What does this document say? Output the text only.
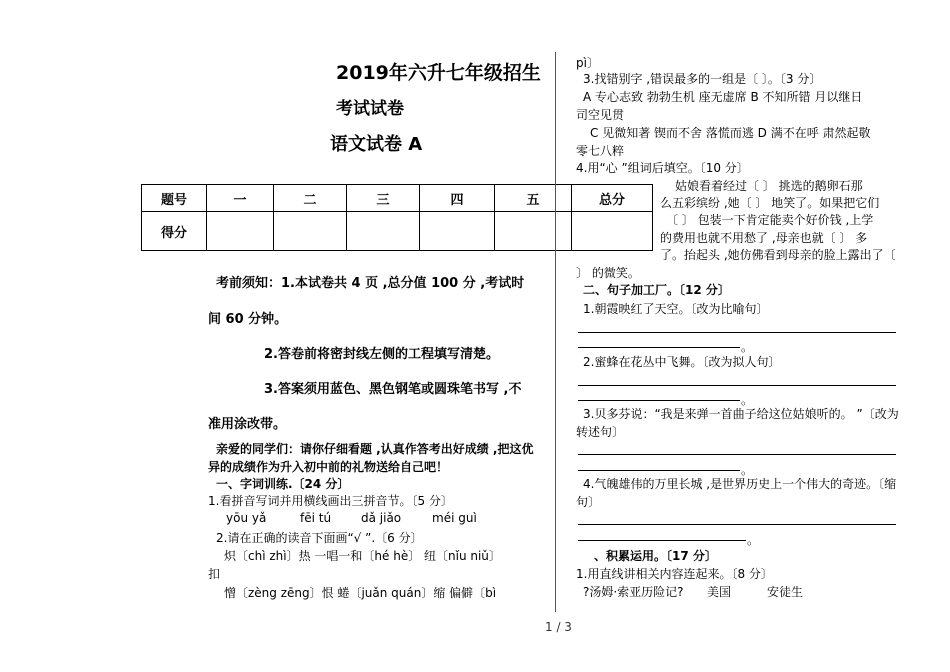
2019年六升七年级招生
考试试卷
语文试卷 A
题号	一	二	三	四	五	总分
得分						
考前须知：1.本试卷共 4 页 ,总分值 100 分 ,考试时
间 60 分钟。
2.答卷前将密封线左侧的工程填写清楚。
3.答案须用蓝色、黑色钢笔或圆珠笔书写 ,不
准用涂改带。
亲爱的同学们：请你仔细看题 ,认真作答考出好成绩 ,把这优
异的成绩作为升入初中前的礼物送给自己吧！
一、字词训练.〔24 分〕
1.看拼音写词并用横线画出三拼音节。〔5 分〕
yōu yǎ	fēi tú dǎ jiǎo	méi guì
2.请在正确的读音下面画“√ ”.〔6 分〕
炽〔chì zhì〕热 一唱一和〔hé hè〕 纽〔nǐu niǔ〕
扣
憎〔zèng zēng〕恨 蜷〔juǎn quán〕缩 偏僻〔bì
pì〕
3.找错别字 ,错误最多的一组是〔 〕。〔3 分〕
A 专心志致 勃勃生机 座无虚席 B 不知所错 月以继日
司空见贯
C 见微知著 锲而不舍 落慌而逃 D 满不在呼 肃然起敬
零七八粹
4.用“心 ”组词后填空。〔10 分〕
姑娘看着经过〔 〕 挑选的鹅卵石那
么五彩缤纷 ,她〔 〕 地笑了。如果把它们
〔 〕 包装一下肯定能卖个好价钱 ,上学
的费用也就不用愁了 ,母亲也就〔 〕 多
了。抬起头 ,她仿佛看到母亲的脸上露出了〔
〕 的微笑。
二、句子加工厂。〔12 分〕
1.朝霞映红了天空。〔改为比喻句〕
。
2.蜜蜂在花丛中飞舞。〔改为拟人句〕
。
3.贝多芬说：“我是来弹一首曲子给这位姑娘听的。 ”〔改为
转述句〕
。
4.气魄雄伟的万里长城 ,是世界历史上一个伟大的奇迹。〔缩
句〕
。
、积累运用。〔17 分〕
1.用直线讲相关内容连起来。〔8 分〕
?汤姆·索亚历险记? 美国	安徒生
1 / 3
